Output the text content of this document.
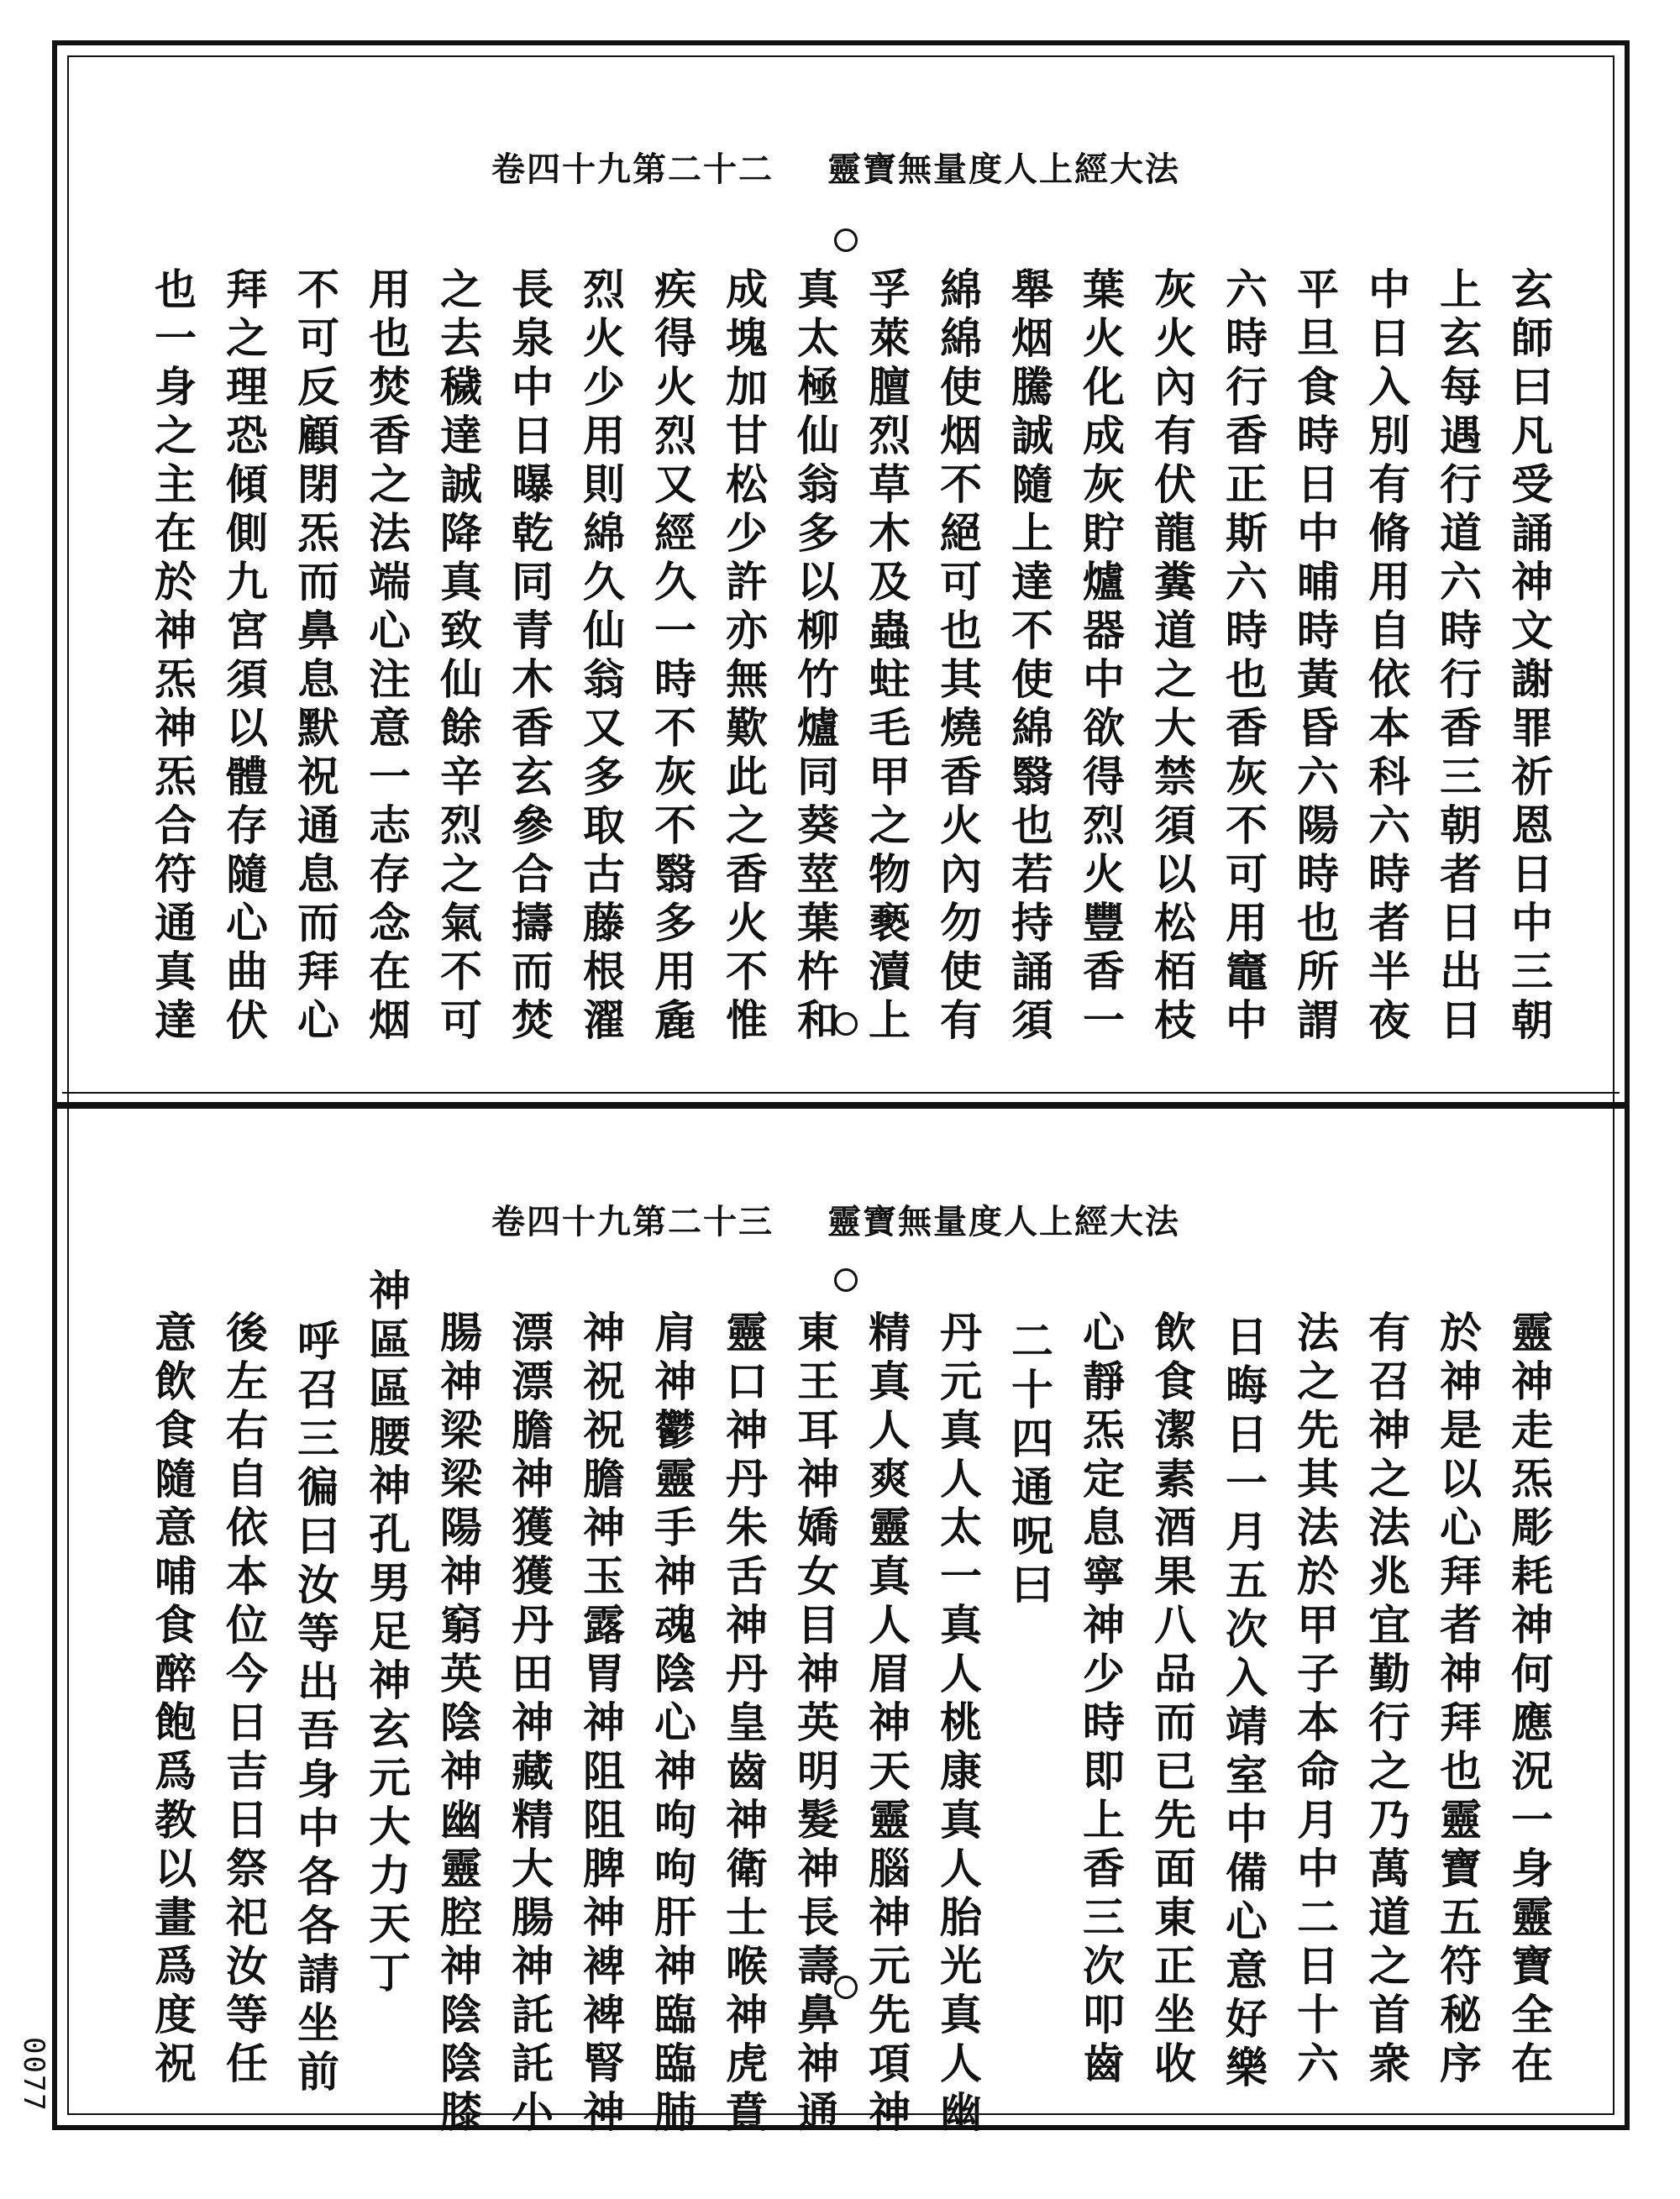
卷四十九第二十二 靈寶無量度人上經大法
卷四十九第二十三 靈寶無量度人上經大法
玄師曰凡受誦神文謝罪祈恩日中三朝
上玄每遇行道六時行香三朝者日出日
中日入別有脩用自依本科六時者半夜
平旦食時日中晡時黃昏六陽時也所謂
六時行香正斯六時也香灰不可用竈中
灰火內有伏龍糞道之大禁須以松栢枝
葉火化成灰貯爐器中欲得烈火豐香一
舉烟騰誠隨上達不使綿翳也若持誦須
綿綿使烟不絕可也其燒香火內勿使有
孚萊膻烈草木及蟲蛀毛甲之物褻瀆上
真太極仙翁多以柳竹爐同葵莖葉杵和
成塊加甘松少許亦無歎此之香火不惟
疾得火烈又經久一時不灰不翳多用麁
烈火少用則綿久仙翁又多取古藤根濯
長泉中日曝乾同青木香玄參合擣而焚
之去穢達誠降真致仙餘辛烈之氣不可
用也焚香之法端心注意一志存念在烟
不可反顧閉炁而鼻息默祝通息而拜心
拜之理恐傾側九宮須以體存隨心曲伏
也一身之主在於神炁神炁合符通真達
靈神走炁彫耗神何應況一身靈寶全在
於神是以心拜者神拜也靈寶五符秘序
有召神之法兆宜勤行之乃萬道之首衆
法之先其法於甲子本命月中二日十六
日晦日一月五次入靖室中備心意好樂
飲食潔素酒果八品而已先面東正坐收
心靜炁定息寧神少時即上香三次叩齒
二十四通呪曰
丹元真人太一真人桃康真人胎光真人幽
精真人爽靈真人眉神天靈腦神元先項神
東王耳神嬌女目神英明髮神長壽鼻神通
靈口神丹朱舌神丹皇齒神衛士喉神虎賁
肩神鬱靈手神魂陰心神呴呴肝神臨臨肺
神祝祝膽神玉露胃神阻阻脾神裨裨腎神
漂漂膽神獲獲丹田神藏精大腸神託託小
腸神梁梁陽神窮英陰神幽靈腔神陰陰膝
神區區腰神孔男足神玄元大力天丁
呼召三徧曰汝等出吾身中各各請坐前
後左右自依本位今日吉日祭祀汝等任
意飲食隨意哺食醉飽爲教以畫爲度祝
0077
